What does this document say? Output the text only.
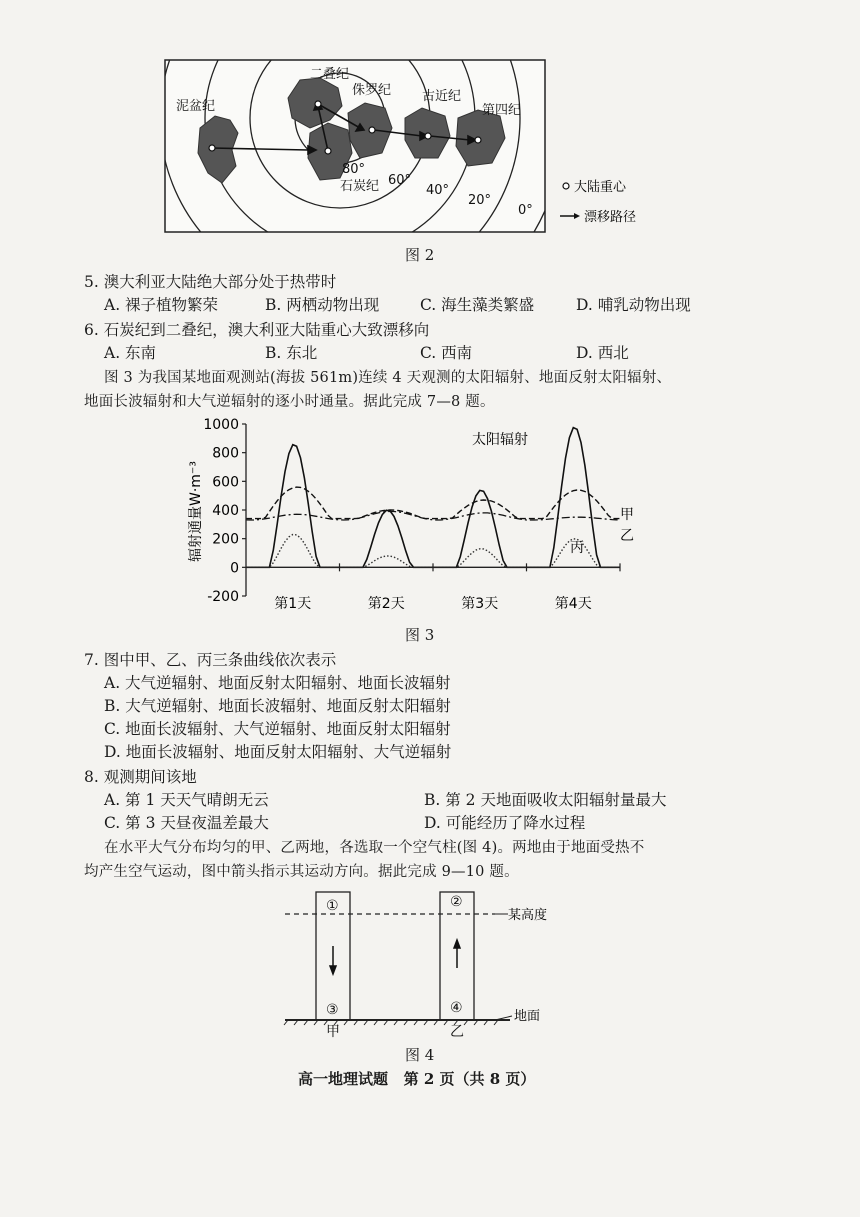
泥盆纪
二叠纪
侏罗纪 古近纪
第四纪
石炭纪
80°
60°
40°
20°
0°
大陆重心
漂移路径
图 2
5. 澳大利亚大陆绝大部分处于热带时
A. 裸子植物繁荣	B. 两栖动物出现	C. 海生藻类繁盛	D. 哺乳动物出现
6. 石炭纪到二叠纪，澳大利亚大陆重心大致漂移向
A. 东南	B. 东北	C. 西南	D. 西北
图 3 为我国某地面观测站(海拔 561m)连续 4 天观测的太阳辐射、地面反射太阳辐射、
地面长波辐射和大气逆辐射的逐小时通量。据此完成 7—8 题。
1000
800
600
400
200
0
-200	第1天	第2天	第3天	第4天
辐射通量W·m⁻³
太阳辐射
甲
乙
丙
图 3
7. 图中甲、乙、丙三条曲线依次表示
A. 大气逆辐射、地面反射太阳辐射、地面长波辐射
B. 大气逆辐射、地面长波辐射、地面反射太阳辐射
C. 地面长波辐射、大气逆辐射、地面反射太阳辐射
D. 地面长波辐射、地面反射太阳辐射、大气逆辐射
8. 观测期间该地
A. 第 1 天天气晴朗无云	B. 第 2 天地面吸收太阳辐射量最大
C. 第 3 天昼夜温差最大	D. 可能经历了降水过程
在水平大气分布均匀的甲、乙两地，各选取一个空气柱(图 4)。两地由于地面受热不
均产生空气运动，图中箭头指示其运动方向。据此完成 9—10 题。
某高度
地面
①	②
③	④
甲	乙
图 4
高一地理试题   第 2 页（共 8 页）
